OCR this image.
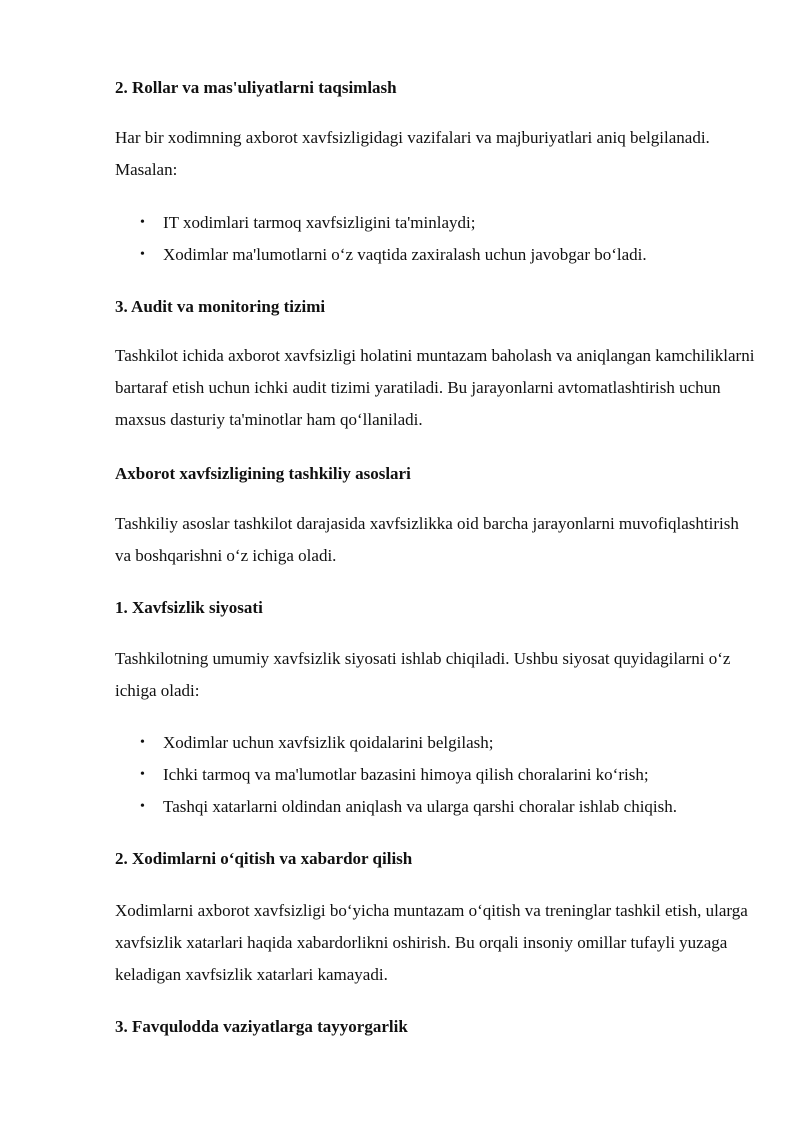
2. Rollar va mas'uliyatlarni taqsimlash

Har bir xodimning axborot xavfsizligidagi vazifalari va majburiyatlari aniq belgilanadi. Masalan:

• IT xodimlari tarmoq xavfsizligini ta'minlaydi;
• Xodimlar ma'lumotlarni o‘z vaqtida zaxiralash uchun javobgar bo‘ladi.
3. Audit va monitoring tizimi

Tashkilot ichida axborot xavfsizligi holatini muntazam baholash va aniqlangan kamchiliklarni bartaraf etish uchun ichki audit tizimi yaratiladi. Bu jarayonlarni avtomatlashtirish uchun maxsus dasturiy ta'minotlar ham qo‘llaniladi.

Axborot xavfsizligining tashkiliy asoslari

Tashkiliy asoslar tashkilot darajasida xavfsizlikka oid barcha jarayonlarni muvofiqlashtirish va boshqarishni o‘z ichiga oladi.

1. Xavfsizlik siyosati

Tashkilotning umumiy xavfsizlik siyosati ishlab chiqiladi. Ushbu siyosat quyidagilarni o‘z ichiga oladi:

• Xodimlar uchun xavfsizlik qoidalarini belgilash;
• Ichki tarmoq va ma'lumotlar bazasini himoya qilish choralarini ko‘rish;
• Tashqi xatarlarni oldindan aniqlash va ularga qarshi choralar ishlab chiqish.
2. Xodimlarni o‘qitish va xabardor qilish

Xodimlarni axborot xavfsizligi bo‘yicha muntazam o‘qitish va treninglar tashkil etish, ularga xavfsizlik xatarlari haqida xabardorlikni oshirish. Bu orqali insoniy omillar tufayli yuzaga keladigan xavfsizlik xatarlari kamayadi.

3. Favqulodda vaziyatlarga tayyorgarlik
